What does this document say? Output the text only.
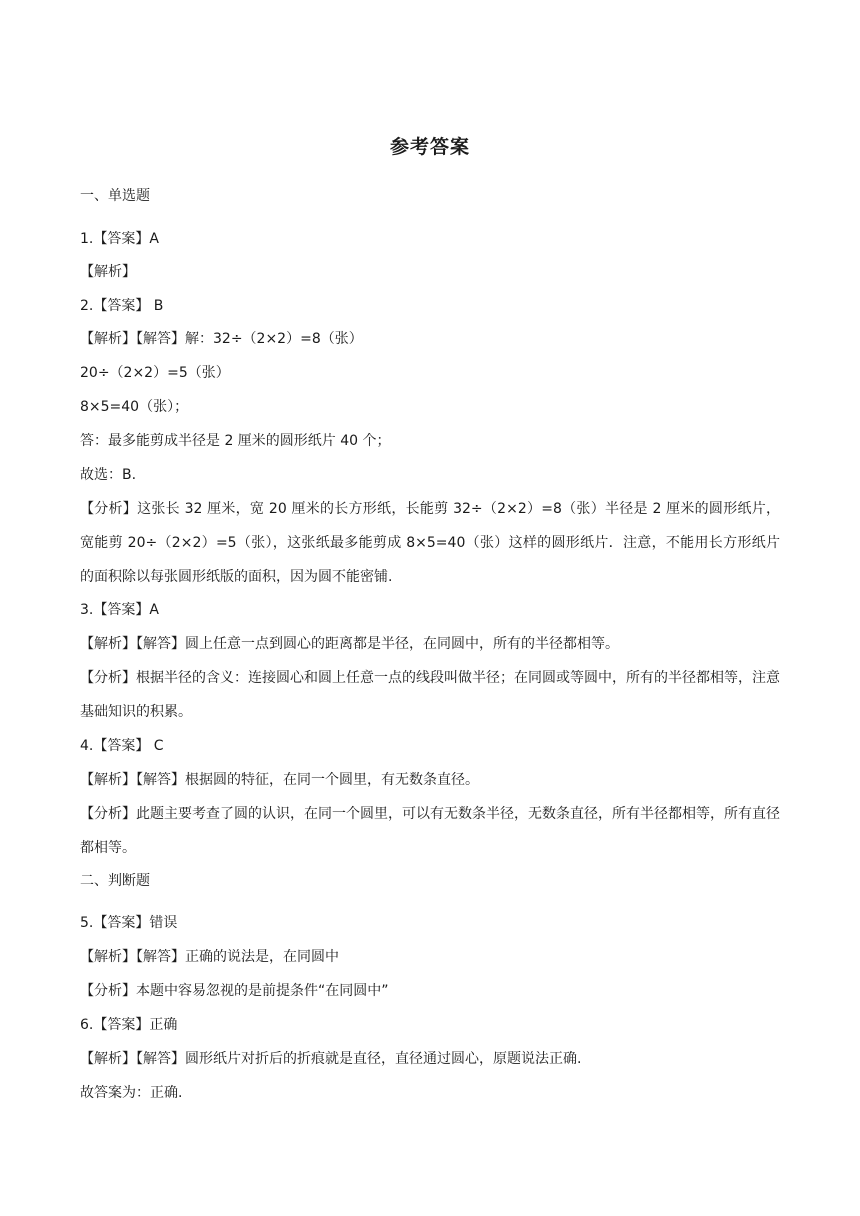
参考答案
一、单选题
1.【答案】A
【解析】
2.【答案】 B
【解析】【解答】解：32÷（2×2）=8（张）
20÷（2×2）=5（张）
8×5=40（张）；
答：最多能剪成半径是 2 厘米的圆形纸片 40 个；
故选：B.
【分析】这张长 32 厘米，宽 20 厘米的长方形纸，长能剪 32÷（2×2）=8（张）半径是 2 厘米的圆形纸片，宽能剪 20÷（2×2）=5（张），这张纸最多能剪成 8×5=40（张）这样的圆形纸片．注意，不能用长方形纸片的面积除以每张圆形纸版的面积，因为圆不能密铺.
3.【答案】A
【解析】【解答】圆上任意一点到圆心的距离都是半径，在同圆中，所有的半径都相等。
【分析】根据半径的含义：连接圆心和圆上任意一点的线段叫做半径；在同圆或等圆中，所有的半径都相等，注意基础知识的积累。
4.【答案】 C
【解析】【解答】根据圆的特征，在同一个圆里，有无数条直径。
【分析】此题主要考查了圆的认识，在同一个圆里，可以有无数条半径，无数条直径，所有半径都相等，所有直径都相等。
二、判断题
5.【答案】错误
【解析】【解答】正确的说法是，在同圆中
【分析】本题中容易忽视的是前提条件“在同圆中”
6.【答案】正确
【解析】【解答】圆形纸片对折后的折痕就是直径，直径通过圆心，原题说法正确.
故答案为：正确.
